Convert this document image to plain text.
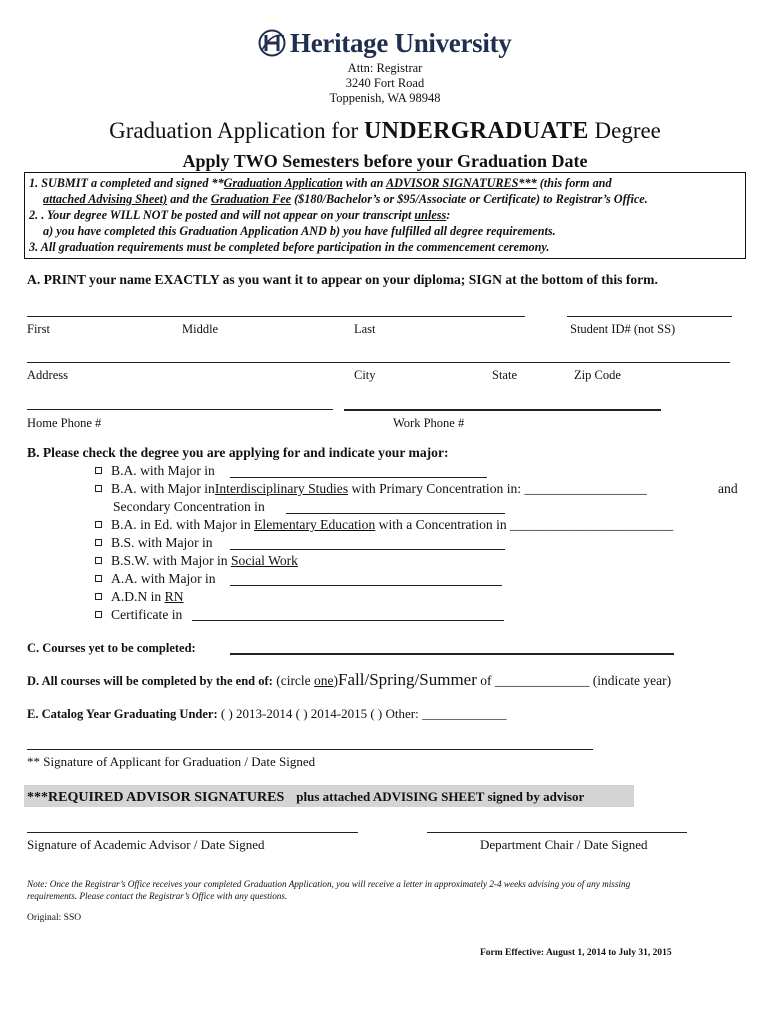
Heritage University
Attn: Registrar
3240 Fort Road
Toppenish, WA 98948
Graduation Application for UNDERGRADUATE Degree
Apply TWO Semesters before your Graduation Date
1. SUBMIT a completed and signed **Graduation Application with an ADVISOR SIGNATURES*** (this form and
attached Advising Sheet) and the Graduation Fee ($180/Bachelor’s or $95/Associate or Certificate) to Registrar’s Office.
2. . Your degree WILL NOT be posted and will not appear on your transcript unless:
a) you have completed this Graduation Application AND b) you have fulfilled all degree requirements.
3. All graduation requirements must be completed before participation in the commencement ceremony.
A. PRINT your name EXACTLY as you want it to appear on your diploma; SIGN at the bottom of this form.
First	Middle	Last	Student ID# (not SS)
Address	City	State	Zip Code
Home Phone #	Work Phone #
B. Please check the degree you are applying for and indicate your major:
B.A. with Major in
B.A. with Major inInterdisciplinary Studies with Primary Concentration in: __________________	and
Secondary Concentration in
B.A. in Ed. with Major in Elementary Education with a Concentration in ________________________
B.S. with Major in
B.S.W. with Major in Social Work
A.A. with Major in
A.D.N in RN
Certificate in
C. Courses yet to be completed:
D. All courses will be completed by the end of: (circle one)Fall/Spring/Summer of ______________ (indicate year)
E. Catalog Year Graduating Under: ( ) 2013-2014 ( ) 2014-2015 ( ) Other: _____________
** Signature of Applicant for Graduation / Date Signed
***REQUIRED ADVISOR SIGNATURES plus attached ADVISING SHEET signed by advisor
Signature of Academic Advisor / Date Signed	Department Chair / Date Signed
Note: Once the Registrar’s Office receives your completed Graduation Application, you will receive a letter in approximately 2-4 weeks advising you of any missing
requirements. Please contact the Registrar’s Office with any questions.
Original: SSO
Form Effective: August 1, 2014 to July 31, 2015
